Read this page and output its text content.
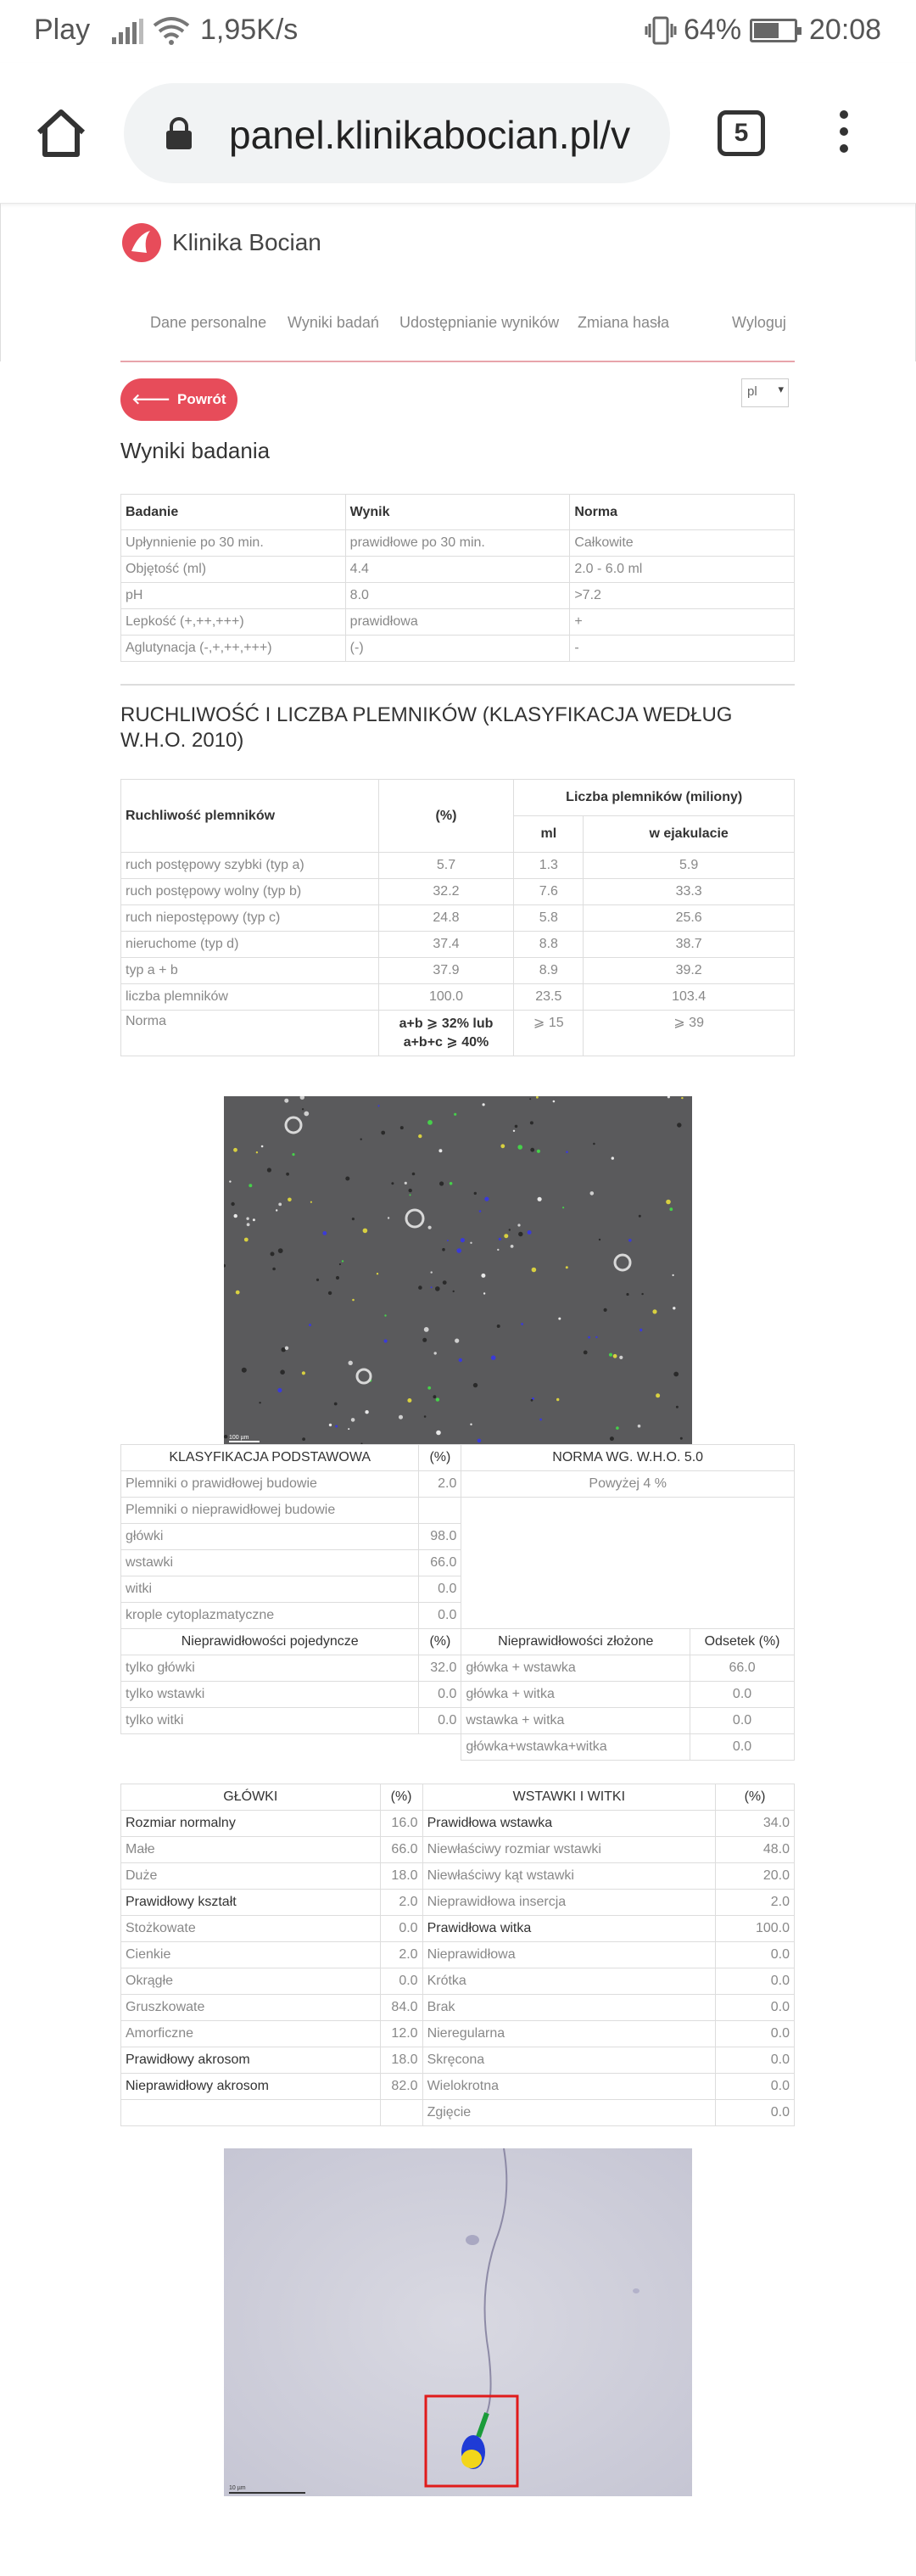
Play	1,95K/s	64% 20:08
panel.klinikabocian.pl/v	5
Klinika Bocian
Dane personalne Wyniki badań Udostępnianie wyników Zmiana hasła	Wyloguj
🡐 Powrót	pl ▾
Wyniki badania
Badanie	Wynik	Norma
Upłynnienie po 30 min.	prawidłowe po 30 min.	Całkowite
Objętość (ml)	4.4	2.0 - 6.0 ml
pH	8.0	>7.2
Lepkość (+,++,+++)	prawidłowa	+
Aglutynacja (-,+,++,+++)	(-)	-
RUCHLIWOŚĆ I LICZBA PLEMNIKÓW (KLASYFIKACJA WEDŁUG W.H.O. 2010)
Ruchliwość plemników	(%)	Liczba plemników (miliony)	
		ml	w ejakulacie
ruch postępowy szybki (typ a)	5.7	1.3	5.9
ruch postępowy wolny (typ b)	32.2	7.6	33.3
ruch niepostępowy (typ c)	24.8	5.8	25.6
nieruchome (typ d)	37.4	8.8	38.7
typ a + b	37.9	8.9	39.2
liczba plemników	100.0	23.5	103.4
Norma	a+b ⩾ 32% lub a+b+c ⩾ 40%	⩾ 15	⩾ 39
100 µm
KLASYFIKACJA PODSTAWOWA	(%)	NORMA WG. W.H.O. 5.0	
Plemniki o prawidłowej budowie	2.0	Powyżej 4 %	
Plemniki o nieprawidłowej budowie			
główki	98.0		
wstawki	66.0		
witki	0.0		
krople cytoplazmatyczne	0.0		
Nieprawidłowości pojedyncze	(%)	Nieprawidłowości złożone	Odsetek (%)
tylko główki	32.0	główka + wstawka	66.0
tylko wstawki	0.0	główka + witka	0.0
tylko witki	0.0	wstawka + witka	0.0
		główka+wstawka+witka	0.0
GŁÓWKI	(%)	WSTAWKI I WITKI	(%)
Rozmiar normalny	16.0	Prawidłowa wstawka	34.0
Małe	66.0	Niewłaściwy rozmiar wstawki	48.0
Duże	18.0	Niewłaściwy kąt wstawki	20.0
Prawidłowy kształt	2.0	Nieprawidłowa insercja	2.0
Stożkowate	0.0	Prawidłowa witka	100.0
Cienkie	2.0	Nieprawidłowa	0.0
Okrągłe	0.0	Krótka	0.0
Gruszkowate	84.0	Brak	0.0
Amorficzne	12.0	Nieregularna	0.0
Prawidłowy akrosom	18.0	Skręcona	0.0
Nieprawidłowy akrosom	82.0	Wielokrotna	0.0
		Zgięcie	0.0
10 µm
